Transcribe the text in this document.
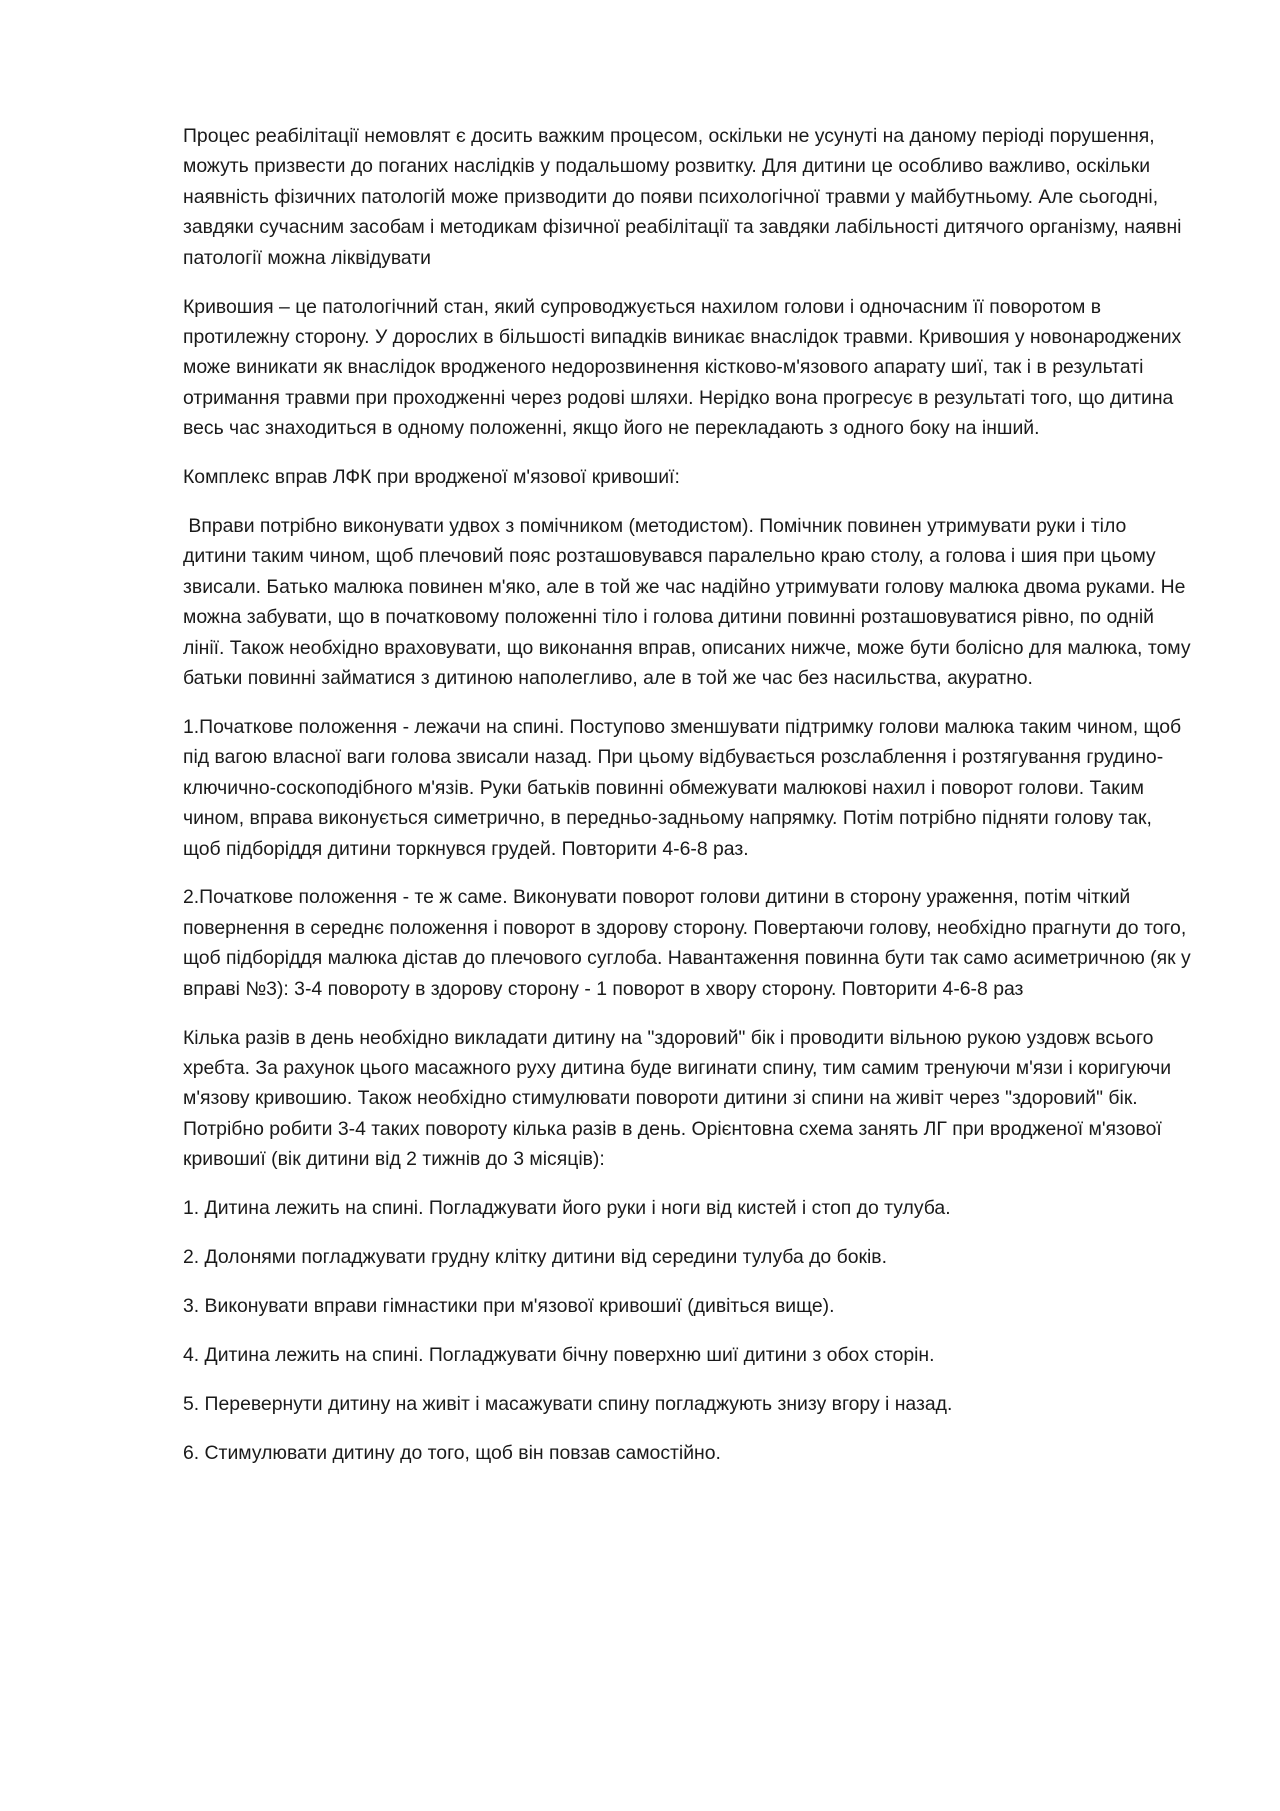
Процес реабілітації немовлят є досить важким процесом, оскільки не усунуті на даному періоді порушення, можуть призвести до поганих наслідків у подальшому розвитку. Для дитини це особливо важливо, оскільки наявність фізичних патологій може призводити до появи психологічної травми у майбутньому. Але сьогодні, завдяки сучасним засобам і методикам фізичної реабілітації та завдяки лабільності дитячого організму, наявні патології можна ліквідувати

Кривошия – це патологічний стан, який супроводжується нахилом голови і одночасним її поворотом в протилежну сторону. У дорослих в більшості випадків виникає внаслідок травми. Кривошия у новонароджених може виникати як внаслідок вродженого недорозвинення кістково-м'язового апарату шиї, так і в результаті отримання травми при проходженні через родові шляхи. Нерідко вона прогресує в результаті того, що дитина весь час знаходиться в одному положенні, якщо його не перекладають з одного боку на інший.

Комплекс вправ ЛФК при вродженої м'язової кривошиї:

Вправи потрібно виконувати удвох з помічником (методистом). Помічник повинен утримувати руки і тіло дитини таким чином, щоб плечовий пояс розташовувався паралельно краю столу, а голова і шия при цьому звисали. Батько малюка повинен м'яко, але в той же час надійно утримувати голову малюка двома руками. Не можна забувати, що в початковому положенні тіло і голова дитини повинні розташовуватися рівно, по одній лінії. Також необхідно враховувати, що виконання вправ, описаних нижче, може бути болісно для малюка, тому батьки повинні займатися з дитиною наполегливо, але в той же час без насильства, акуратно.

1.Початкове положення - лежачи на спині. Поступово зменшувати підтримку голови малюка таким чином, щоб під вагою власної ваги голова звисали назад. При цьому відбувається розслаблення і розтягування грудино-ключично-соскоподібного м'язів. Руки батьків повинні обмежувати малюкові нахил і поворот голови. Таким чином, вправа виконується симетрично, в передньо-задньому напрямку. Потім потрібно підняти голову так, щоб підборіддя дитини торкнувся грудей. Повторити 4-6-8 раз.

2.Початкове положення - те ж саме. Виконувати поворот голови дитини в сторону ураження, потім чіткий повернення в середнє положення і поворот в здорову сторону. Повертаючи голову, необхідно прагнути до того, щоб підборіддя малюка дістав до плечового суглоба. Навантаження повинна бути так само асиметричною (як у вправі №3): 3-4 повороту в здорову сторону - 1 поворот в хвору сторону. Повторити 4-6-8 раз

Кілька разів в день необхідно викладати дитину на "здоровий" бік і проводити вільною рукою уздовж всього хребта. За рахунок цього масажного руху дитина буде вигинати спину, тим самим тренуючи м'язи і коригуючи м'язову кривошию. Також необхідно стимулювати повороти дитини зі спини на живіт через "здоровий" бік. Потрібно робити 3-4 таких повороту кілька разів в день. Орієнтовна схема занять ЛГ при вродженої м'язової кривошиї (вік дитини від 2 тижнів до 3 місяців):

1. Дитина лежить на спині. Погладжувати його руки і ноги від кистей і стоп до тулуба.

2. Долонями погладжувати грудну клітку дитини від середини тулуба до боків.

3. Виконувати вправи гімнастики при м'язової кривошиї (дивіться вище).

4. Дитина лежить на спині. Погладжувати бічну поверхню шиї дитини з обох сторін.

5. Перевернути дитину на живіт і масажувати спину погладжують знизу вгору і назад.

6. Стимулювати дитину до того, щоб він повзав самостійно.
